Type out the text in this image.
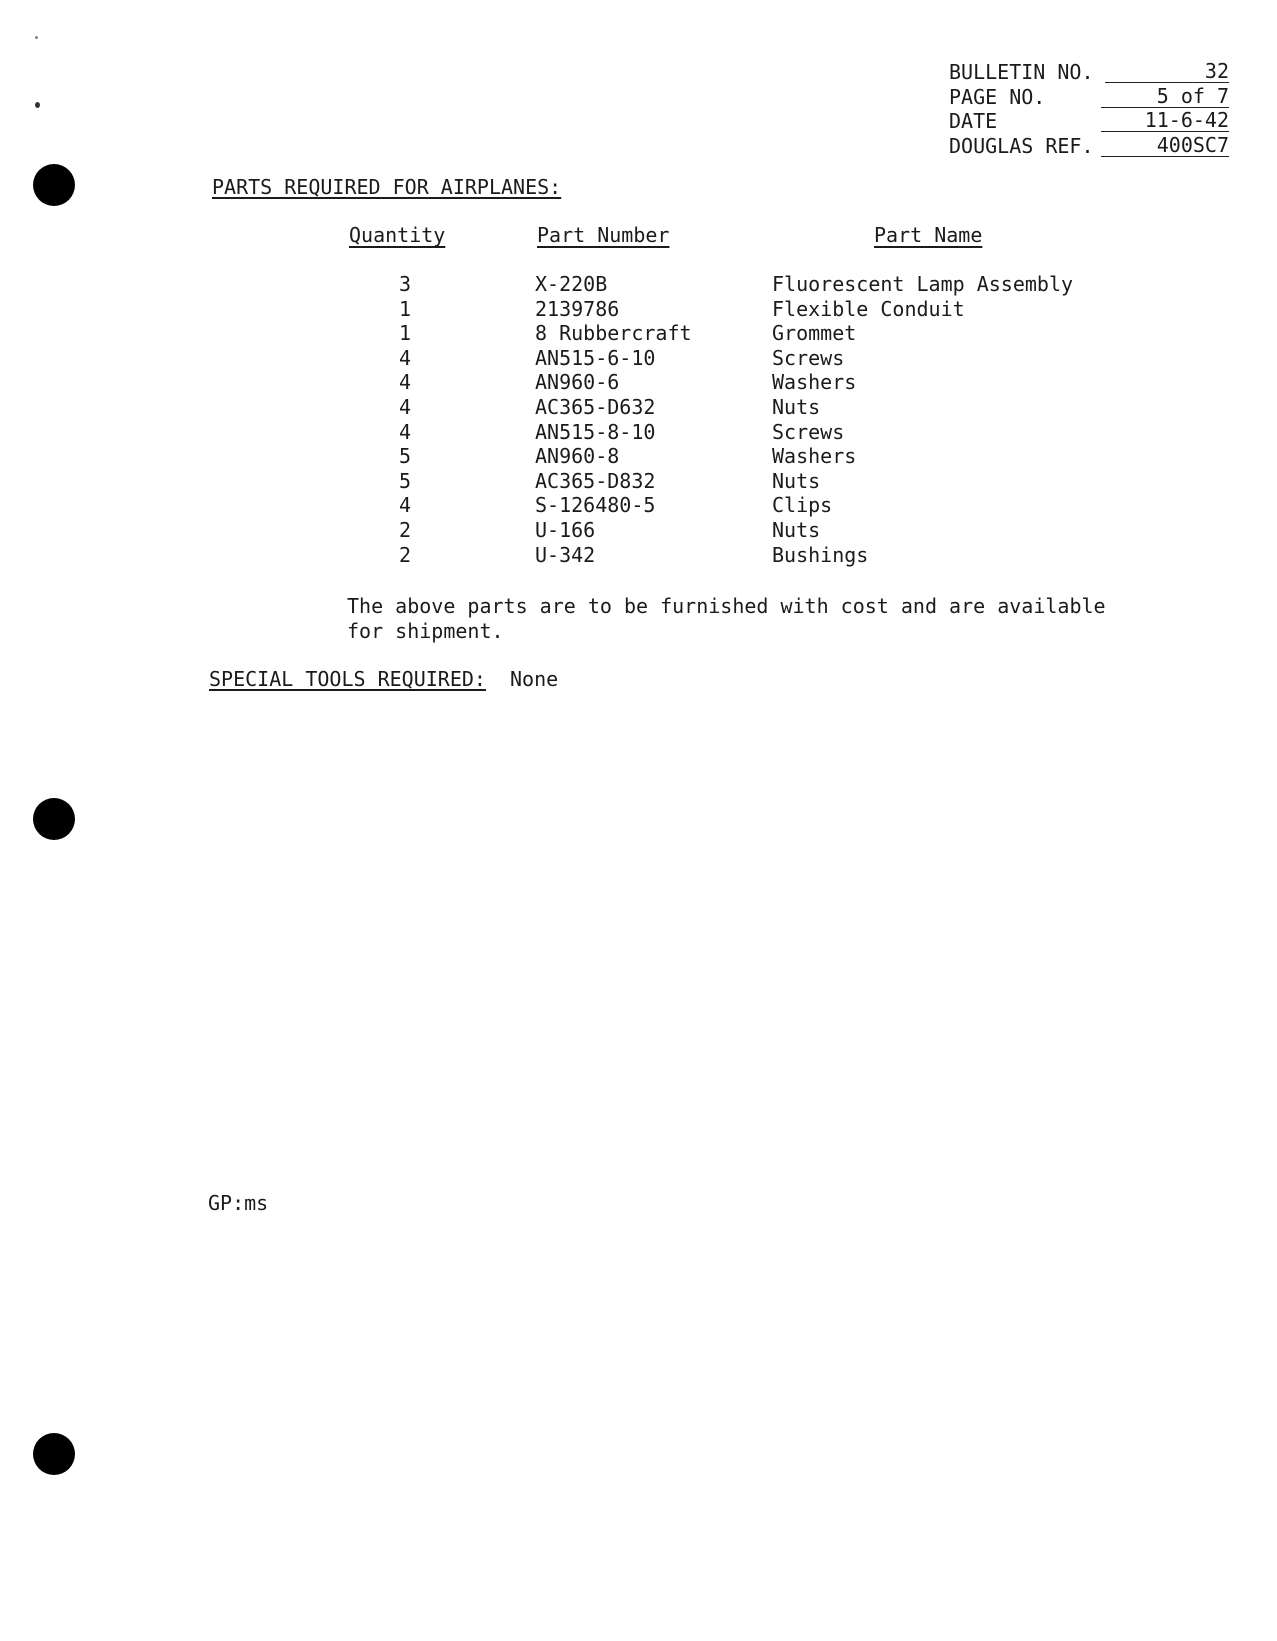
BULLETIN NO.	32
PAGE NO.	5 of 7
DATE	11-6-42
DOUGLAS REF.	400SC7
PARTS REQUIRED FOR AIRPLANES:
Quantity	Part Number	Part Name
3	X-220B	Fluorescent Lamp Assembly
1	2139786	Flexible Conduit
1	8 Rubbercraft	Grommet
4	AN515-6-10	Screws
4	AN960-6	Washers
4	AC365-D632	Nuts
4	AN515-8-10	Screws
5	AN960-8	Washers
5	AC365-D832	Nuts
4	S-126480-5	Clips
2	U-166	Nuts
2	U-342	Bushings
The above parts are to be furnished with cost and are available
for shipment.
SPECIAL TOOLS REQUIRED: None
GP:ms
